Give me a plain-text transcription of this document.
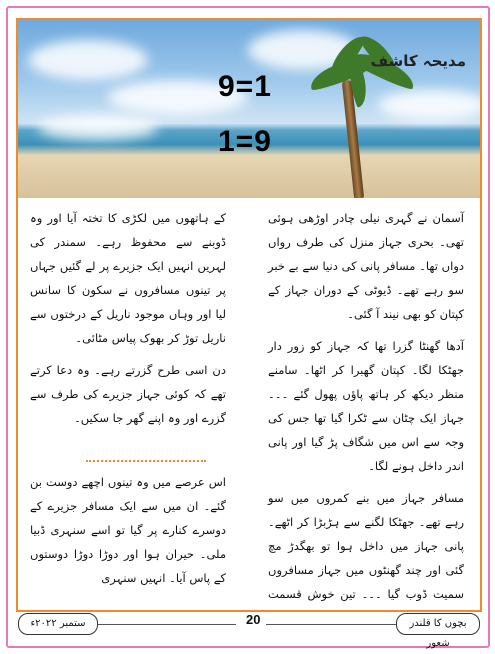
مدیحہ کاشف
9=1
1=9

آسمان نے گہری نیلی چادر اوڑھی ہوئی تھی۔ بحری جہاز منزل کی طرف رواں دواں تھا۔ مسافر پانی کی دنیا سے بے خبر سو رہے تھے۔ ڈیوٹی کے دوران جہاز کے کپتان کو بھی نیند آ گئی۔

آدھا گھنٹا گزرا تھا کہ جہاز کو زور دار جھٹکا لگا۔ کپتان گھبرا کر اٹھا۔ سامنے منظر دیکھ کر ہاتھ پاؤں پھول گئے ۔۔۔ جہاز ایک چٹان سے ٹکرا گیا تھا جس کی وجہ سے اس میں شگاف پڑ گیا اور پانی اندر داخل ہونے لگا۔

مسافر جہاز میں بنے کمروں میں سو رہے تھے۔ جھٹکا لگنے سے ہڑبڑا کر اٹھے۔ پانی جہاز میں داخل ہوا تو بھگدڑ مچ گئی اور چند گھنٹوں میں جہاز مسافروں سمیت ڈوب گیا ۔۔۔ تین خوش قسمت

کے ہاتھوں میں لکڑی کا تختہ آیا اور وہ ڈوبنے سے محفوظ رہے۔ سمندر کی لہریں انہیں ایک جزیرے پر لے گئیں جہاں پر تینوں مسافروں نے سکون کا سانس لیا اور وہاں موجود ناریل کے درختوں سے ناریل توڑ کر بھوک پیاس مٹائی۔

دن اسی طرح گزرتے رہے۔ وہ دعا کرتے تھے کہ کوئی جہاز جزیرے کی طرف سے گزرے اور وہ اپنے گھر جا سکیں۔

اس عرصے میں وہ تینوں اچھے دوست بن گئے۔ ان میں سے ایک مسافر جزیرے کے دوسرے کنارے پر گیا تو اسے سنہری ڈبیا ملی۔ حیران ہوا اور دوڑا دوڑا دوستوں کے پاس آیا۔ انہیں سنہری

ستمبر ۲۰۲۲ء	20	بچوں کا قلندر شعور
